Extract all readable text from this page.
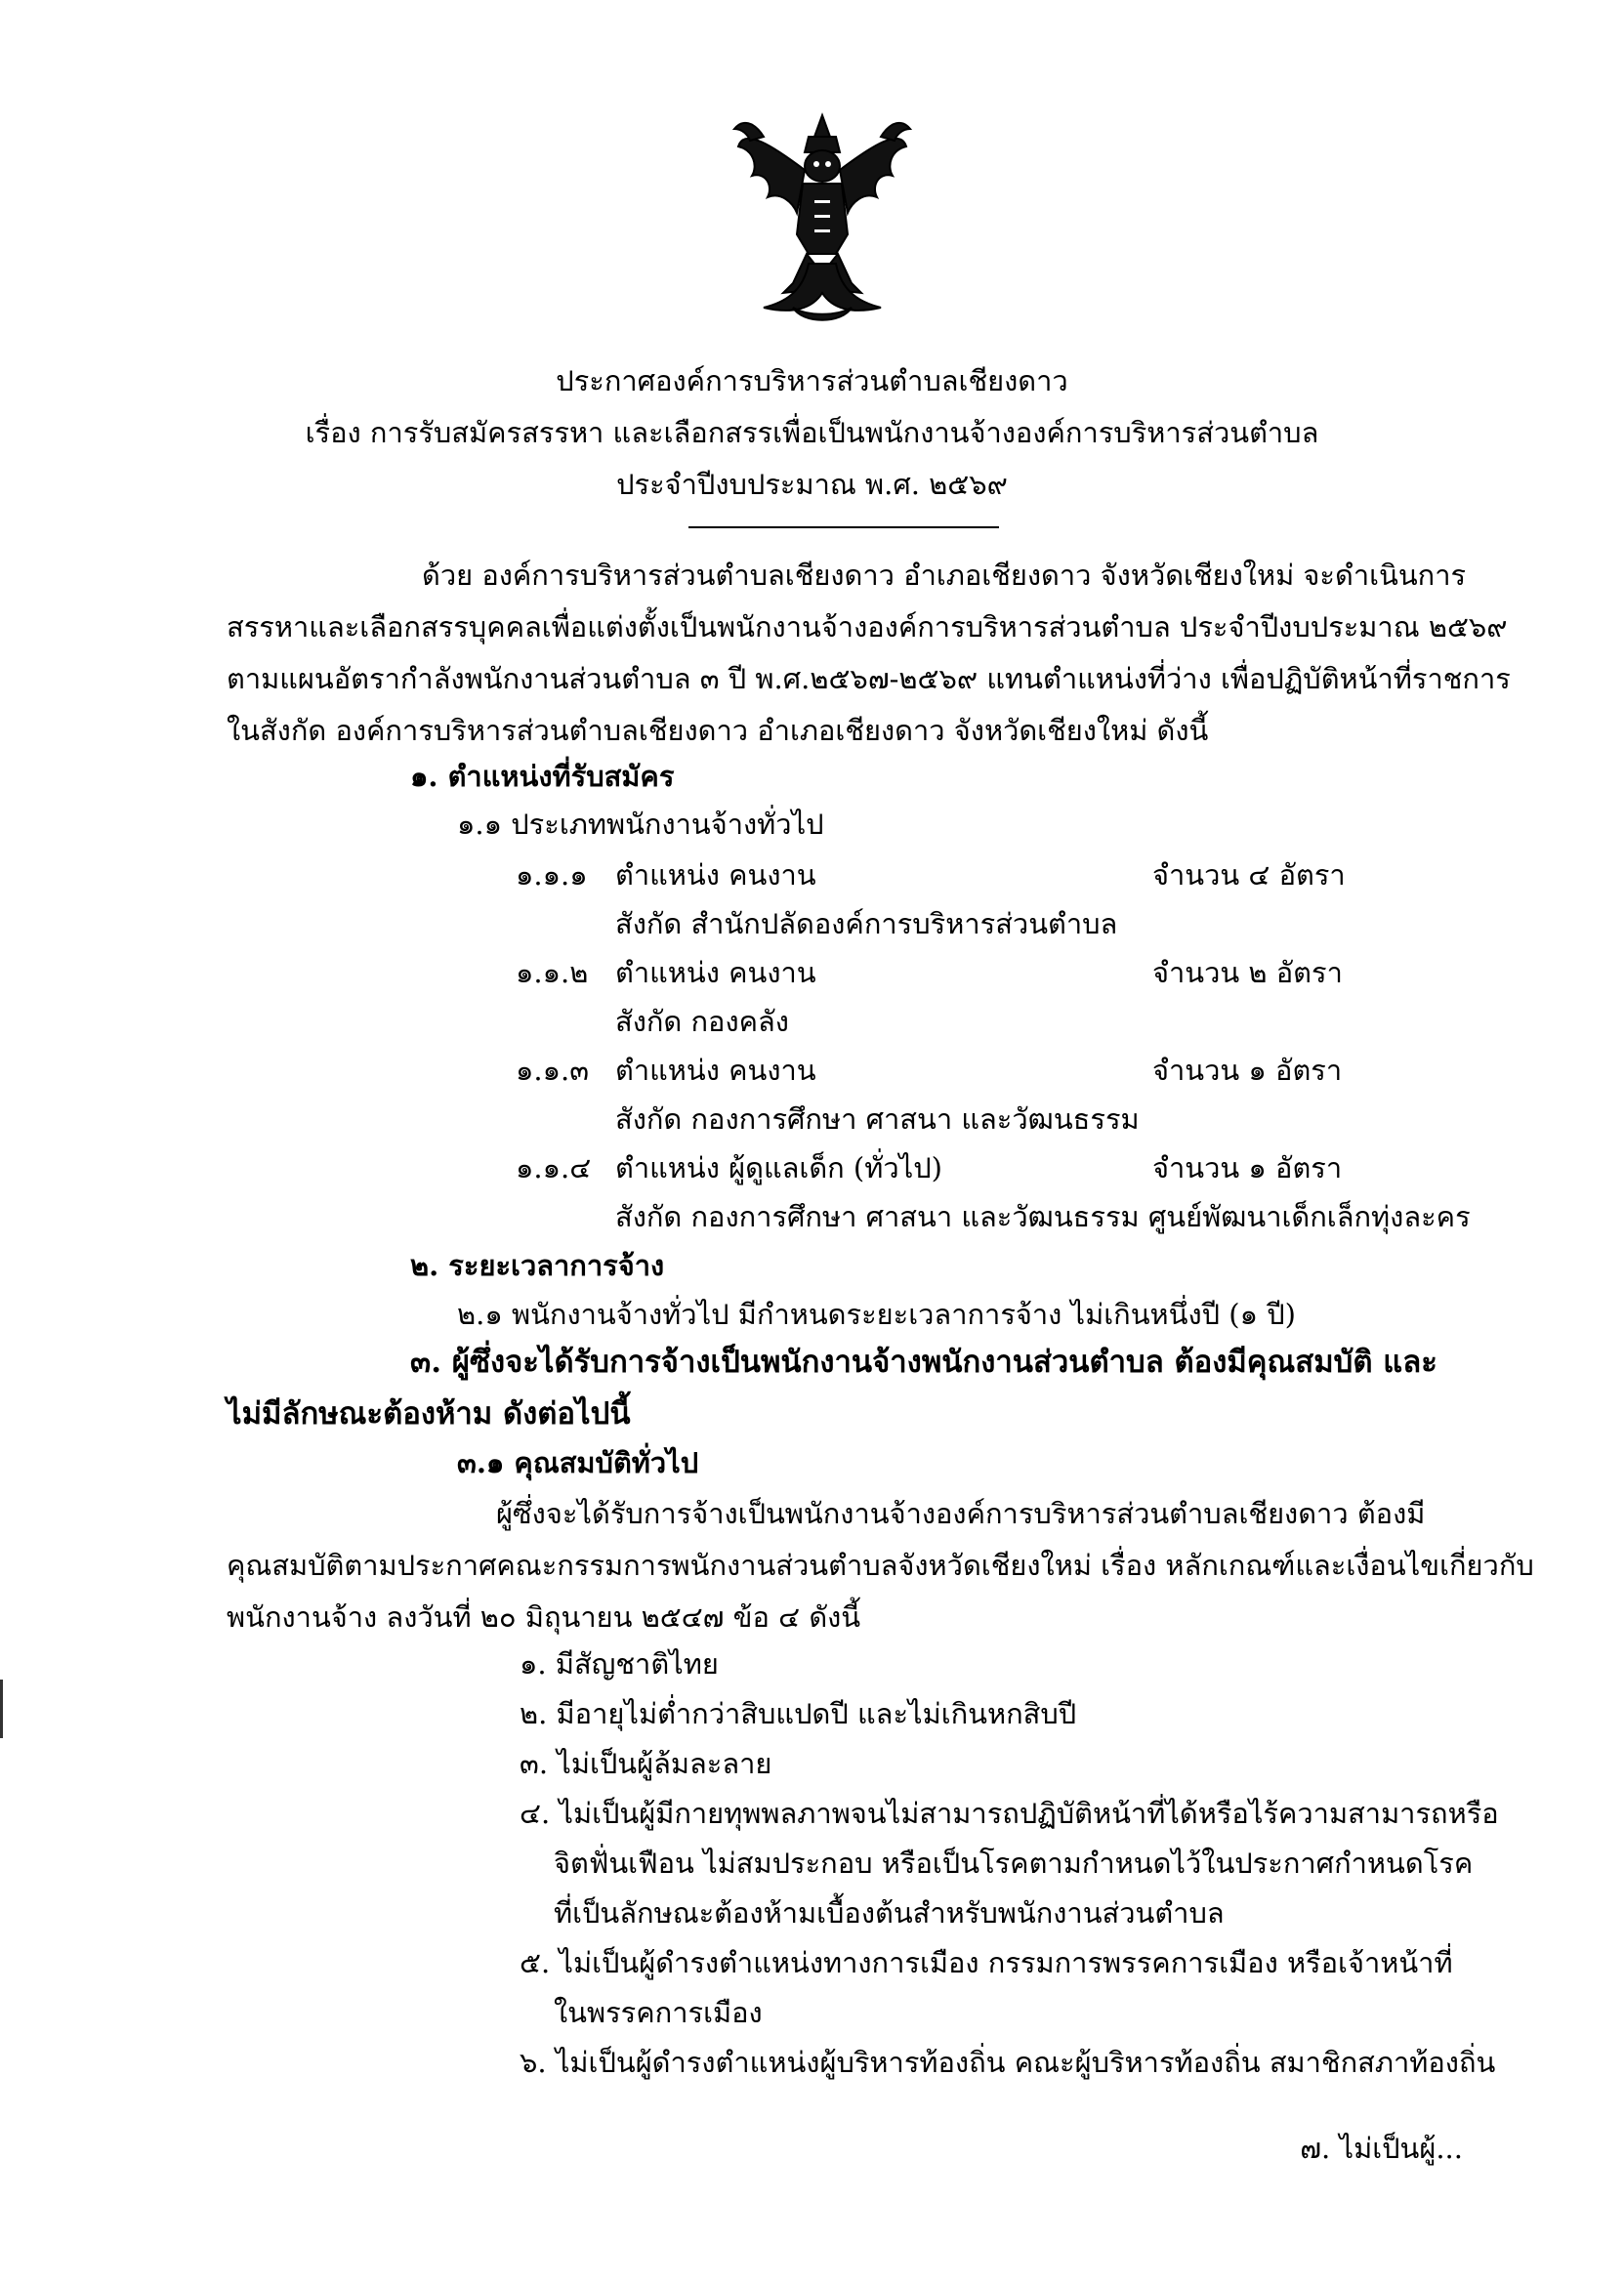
ประกาศองค์การบริหารส่วนตำบลเชียงดาว
เรื่อง การรับสมัครสรรหา และเลือกสรรเพื่อเป็นพนักงานจ้างองค์การบริหารส่วนตำบล
ประจำปีงบประมาณ พ.ศ. ๒๕๖๙
ด้วย องค์การบริหารส่วนตำบลเชียงดาว อำเภอเชียงดาว จังหวัดเชียงใหม่ จะดำเนินการ
สรรหาและเลือกสรรบุคคลเพื่อแต่งตั้งเป็นพนักงานจ้างองค์การบริหารส่วนตำบล ประจำปีงบประมาณ ๒๕๖๙
ตามแผนอัตรากำลังพนักงานส่วนตำบล ๓ ปี พ.ศ.๒๕๖๗-๒๕๖๙ แทนตำแหน่งที่ว่าง เพื่อปฏิบัติหน้าที่ราชการ
ในสังกัด องค์การบริหารส่วนตำบลเชียงดาว อำเภอเชียงดาว จังหวัดเชียงใหม่ ดังนี้
๑. ตำแหน่งที่รับสมัคร
๑.๑ ประเภทพนักงานจ้างทั่วไป
๑.๑.๑ ตำแหน่ง คนงาน	จำนวน ๔ อัตรา
สังกัด สำนักปลัดองค์การบริหารส่วนตำบล
๑.๑.๒ ตำแหน่ง คนงาน	จำนวน ๒ อัตรา
สังกัด กองคลัง
๑.๑.๓ ตำแหน่ง คนงาน	จำนวน ๑ อัตรา
สังกัด กองการศึกษา ศาสนา และวัฒนธรรม
๑.๑.๔ ตำแหน่ง ผู้ดูแลเด็ก (ทั่วไป)	จำนวน ๑ อัตรา
สังกัด กองการศึกษา ศาสนา และวัฒนธรรม ศูนย์พัฒนาเด็กเล็กทุ่งละคร
๒. ระยะเวลาการจ้าง
๒.๑ พนักงานจ้างทั่วไป มีกำหนดระยะเวลาการจ้าง ไม่เกินหนึ่งปี (๑ ปี)
๓. ผู้ซึ่งจะได้รับการจ้างเป็นพนักงานจ้างพนักงานส่วนตำบล ต้องมีคุณสมบัติ และ
ไม่มีลักษณะต้องห้าม ดังต่อไปนี้
๓.๑ คุณสมบัติทั่วไป
ผู้ซึ่งจะได้รับการจ้างเป็นพนักงานจ้างองค์การบริหารส่วนตำบลเชียงดาว ต้องมี
คุณสมบัติตามประกาศคณะกรรมการพนักงานส่วนตำบลจังหวัดเชียงใหม่ เรื่อง หลักเกณฑ์และเงื่อนไขเกี่ยวกับ
พนักงานจ้าง ลงวันที่ ๒๐ มิถุนายน ๒๕๔๗ ข้อ ๔ ดังนี้
๑. มีสัญชาติไทย
๒. มีอายุไม่ต่ำกว่าสิบแปดปี และไม่เกินหกสิบปี
๓. ไม่เป็นผู้ล้มละลาย
๔. ไม่เป็นผู้มีกายทุพพลภาพจนไม่สามารถปฏิบัติหน้าที่ได้หรือไร้ความสามารถหรือ
จิตฟั่นเฟือน ไม่สมประกอบ หรือเป็นโรคตามกำหนดไว้ในประกาศกำหนดโรค
ที่เป็นลักษณะต้องห้ามเบื้องต้นสำหรับพนักงานส่วนตำบล
๕. ไม่เป็นผู้ดำรงตำแหน่งทางการเมือง กรรมการพรรคการเมือง หรือเจ้าหน้าที่
ในพรรคการเมือง
๖. ไม่เป็นผู้ดำรงตำแหน่งผู้บริหารท้องถิ่น คณะผู้บริหารท้องถิ่น สมาชิกสภาท้องถิ่น
๗. ไม่เป็นผู้...
